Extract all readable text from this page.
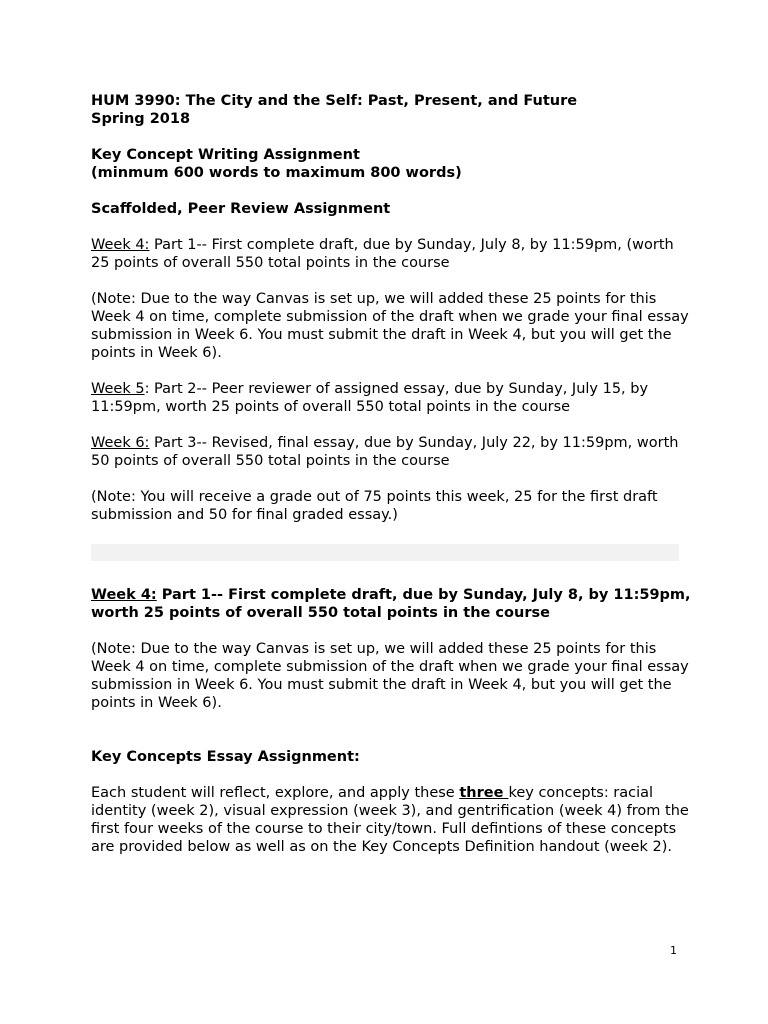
HUM 3990: The City and the Self: Past, Present, and Future
Spring 2018
Key Concept Writing Assignment
(minmum 600 words to maximum 800 words)
Scaffolded, Peer Review Assignment
Week 4: Part 1-- First complete draft, due by Sunday, July 8, by 11:59pm, (worth 25 points of overall 550 total points in the course
(Note: Due to the way Canvas is set up, we will added these 25 points for this Week 4 on time, complete submission of the draft when we grade your final essay submission in Week 6. You must submit the draft in Week 4, but you will get the points in Week 6).
Week 5: Part 2-- Peer reviewer of assigned essay, due by Sunday, July 15, by 11:59pm, worth 25 points of overall 550 total points in the course
Week 6: Part 3-- Revised, final essay, due by Sunday, July 22, by 11:59pm, worth 50 points of overall 550 total points in the course
(Note: You will receive a grade out of 75 points this week, 25 for the first draft submission and 50 for final graded essay.)
Week 4: Part 1-- First complete draft, due by Sunday, July 8, by 11:59pm, worth 25 points of overall 550 total points in the course
(Note: Due to the way Canvas is set up, we will added these 25 points for this Week 4 on time, complete submission of the draft when we grade your final essay submission in Week 6. You must submit the draft in Week 4, but you will get the points in Week 6).
Key Concepts Essay Assignment:
Each student will reflect, explore, and apply these three key concepts: racial identity (week 2), visual expression (week 3), and gentrification (week 4) from the first four weeks of the course to their city/town. Full defintions of these concepts are provided below as well as on the Key Concepts Definition handout (week 2).
1
